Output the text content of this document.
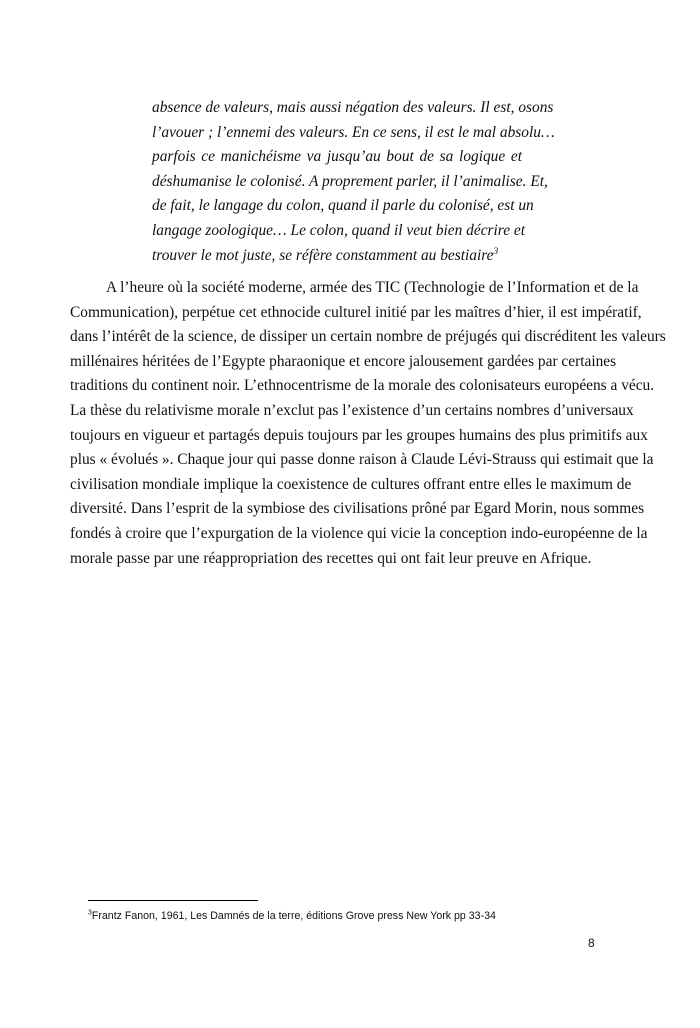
absence de valeurs, mais aussi négation des valeurs. Il est, osons
l’avouer ; l’ennemi des valeurs. En ce sens, il est le mal absolu…
parfois ce manichéisme va jusqu’au bout de sa logique et
déshumanise le colonisé. A proprement parler, il l’animalise. Et,
de fait, le langage du colon, quand il parle du colonisé, est un
langage zoologique… Le colon, quand il veut bien décrire et
trouver le mot juste, se réfère constamment au bestiaire$^3$
A l’heure où la société moderne, armée des TIC (Technologie de l’Information et de la
Communication), perpétue cet ethnocide culturel initié par les maîtres d’hier, il est impératif,
dans l’intérêt de la science, de dissiper un certain nombre de préjugés qui discréditent les valeurs
millénaires héritées de l’Egypte pharaonique et encore jalousement gardées par certaines
traditions du continent noir. L’ethnocentrisme de la morale des colonisateurs européens a vécu.
La thèse du relativisme morale n’exclut pas l’existence d’un certains nombres d’universaux
toujours en vigueur et partagés depuis toujours par les groupes humains des plus primitifs aux
plus « évolués ». Chaque jour qui passe donne raison à Claude Lévi-Strauss qui estimait que la
civilisation mondiale implique la coexistence de cultures offrant entre elles le maximum de
diversité. Dans l’esprit de la symbiose des civilisations prôné par Egard Morin, nous sommes
fondés à croire que l’expurgation de la violence qui vicie la conception indo-européenne de la
morale passe par une réappropriation des recettes qui ont fait leur preuve en Afrique.
$^3$Frantz Fanon, 1961, Les Damnés de la terre, éditions Grove press New York pp 33-34
8
